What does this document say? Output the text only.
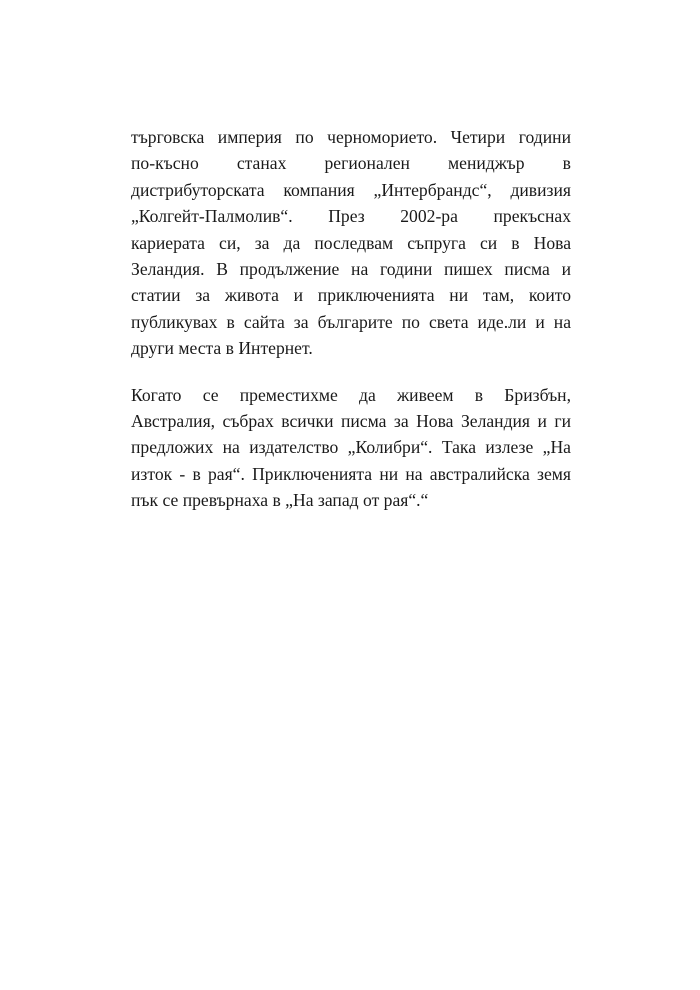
търговска империя по черноморието. Четири години
по-късно станах регионален мениджър в
дистрибуторската компания „Интербрандс“, дивизия
„Колгейт-Палмолив“. През 2002-ра прекъснах
кариерата си, за да последвам съпруга си в Нова
Зеландия. В продължение на години пишех писма и
статии за живота и приключенията ни там, които
публикувах в сайта за българите по света иде.ли и на
други места в Интернет.

Когато се преместихме да живеем в Бризбън,
Австралия, събрах всички писма за Нова Зеландия и ги
предложих на издателство „Колибри“. Така излезе „На
изток - в рая“. Приключенията ни на австралийска земя
пък се превърнаха в „На запад от рая“.“
